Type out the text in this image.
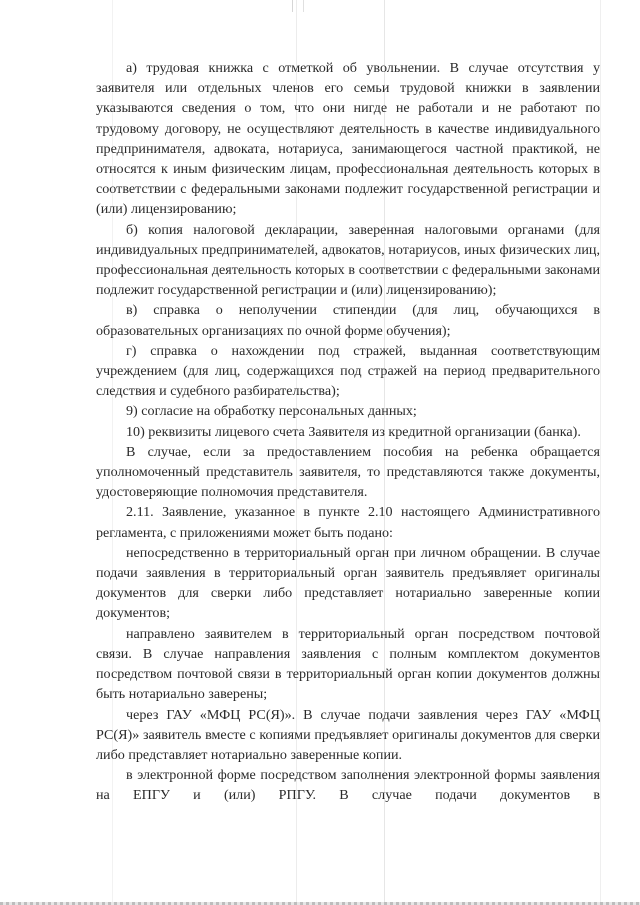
а) трудовая книжка с отметкой об увольнении. В случае отсутствия у заявителя или отдельных членов его семьи трудовой книжки в заявлении указываются сведения о том, что они нигде не работали и не работают по трудовому договору, не осуществляют деятельность в качестве индивидуального предпринимателя, адвоката, нотариуса, занимающегося частной практикой, не относятся к иным физическим лицам, профессиональная деятельность которых в соответствии с федеральными законами подлежит государственной регистрации и (или) лицензированию;

б) копия налоговой декларации, заверенная налоговыми органами (для индивидуальных предпринимателей, адвокатов, нотариусов, иных физических лиц, профессиональная деятельность которых в соответствии с федеральными законами подлежит государственной регистрации и (или) лицензированию);

в) справка о неполучении стипендии (для лиц, обучающихся в образовательных организациях по очной форме обучения);

г) справка о нахождении под стражей, выданная соответствующим учреждением (для лиц, содержащихся под стражей на период предварительного следствия и судебного разбирательства);

9) согласие на обработку персональных данных;

10) реквизиты лицевого счета Заявителя из кредитной организации (банка).

В случае, если за предоставлением пособия на ребенка обращается уполномоченный представитель заявителя, то представляются также документы, удостоверяющие полномочия представителя.

2.11. Заявление, указанное в пункте 2.10 настоящего Административного регламента, с приложениями может быть подано:

непосредственно в территориальный орган при личном обращении. В случае подачи заявления в территориальный орган заявитель предъявляет оригиналы документов для сверки либо представляет нотариально заверенные копии документов;

направлено заявителем в территориальный орган посредством почтовой связи. В случае направления заявления с полным комплектом документов посредством почтовой связи в территориальный орган копии документов должны быть нотариально заверены;

через ГАУ «МФЦ РС(Я)». В случае подачи заявления через ГАУ «МФЦ РС(Я)» заявитель вместе с копиями предъявляет оригиналы документов для сверки либо представляет нотариально заверенные копии.

в электронной форме посредством заполнения электронной формы заявления на ЕПГУ и (или) РПГУ. В случае подачи документов в
